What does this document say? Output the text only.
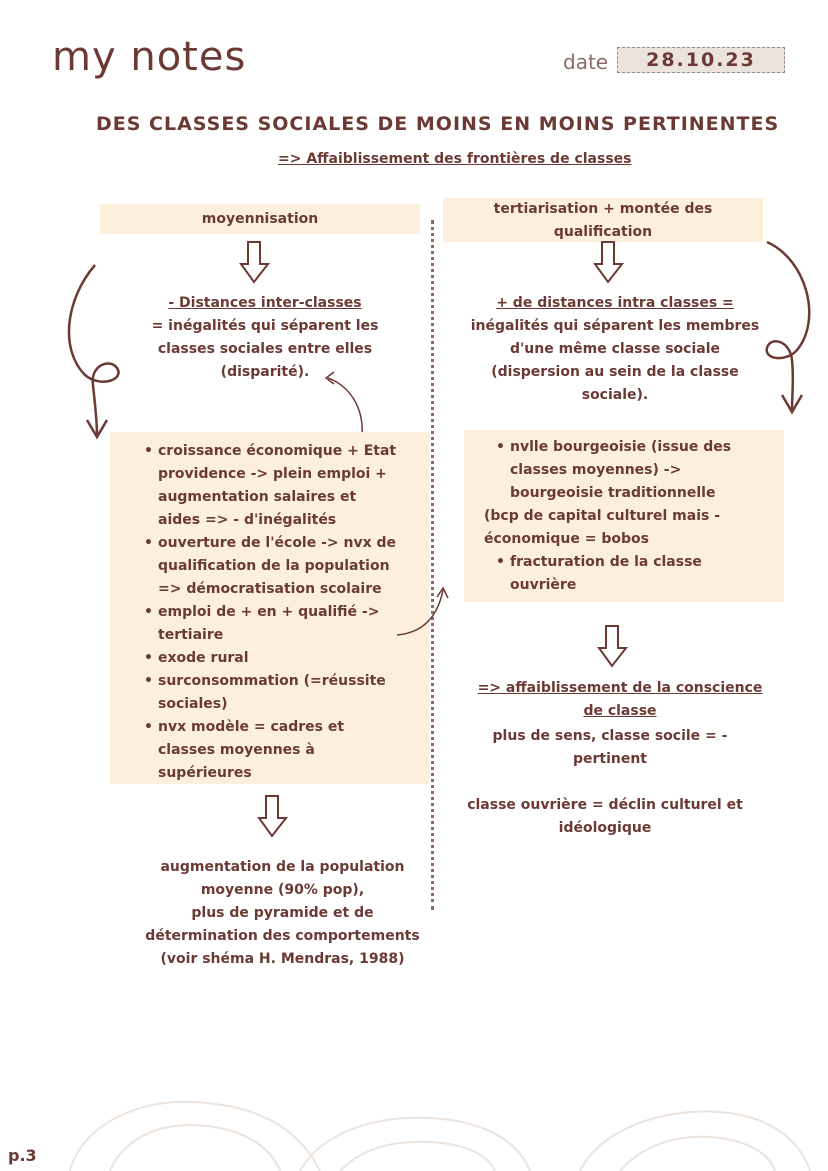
my notes	date	28.10.23
DES CLASSES SOCIALES DE MOINS EN MOINS PERTINENTES
=> Affaiblissement des frontières de classes
moyennisation
- Distances inter-classes
= inégalités qui séparent les
classes sociales entre elles
(disparité).
• croissance économique + Etat
providence -> plein emploi +
augmentation salaires et
aides => - d'inégalités
• ouverture de l'école -> nvx de
qualification de la population
=> démocratisation scolaire
• emploi de + en + qualifié ->
tertiaire
• exode rural
• surconsommation (=réussite
sociales)
• nvx modèle = cadres et
classes moyennes à
supérieures
augmentation de la population
moyenne (90% pop),
plus de pyramide et de
détermination des comportements
(voir shéma H. Mendras, 1988)
tertiarisation + montée des
qualification
+ de distances intra classes =
inégalités qui séparent les membres
d'une même classe sociale
(dispersion au sein de la classe
sociale).
• nvlle bourgeoisie (issue des
classes moyennes) ->
bourgeoisie traditionnelle
(bcp de capital culturel mais -
économique = bobos
• fracturation de la classe
ouvrière
=> affaiblissement de la conscience
de classe
plus de sens, classe socile = -
pertinent
classe ouvrière = déclin culturel et
idéologique
p.3
